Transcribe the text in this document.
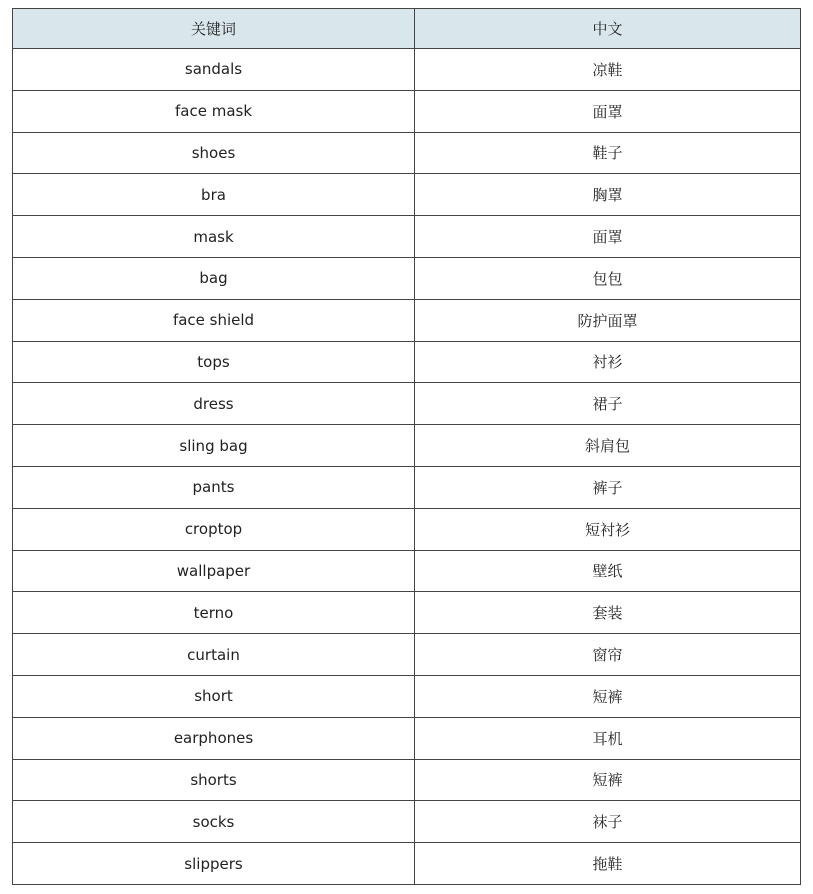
关键词	中文
sandals	凉鞋
face mask	面罩
shoes	鞋子
bra	胸罩
mask	面罩
bag	包包
face shield	防护面罩
tops	衬衫
dress	裙子
sling bag	斜肩包
pants	裤子
croptop	短衬衫
wallpaper	壁纸
terno	套装
curtain	窗帘
short	短裤
earphones	耳机
shorts	短裤
socks	袜子
slippers	拖鞋
